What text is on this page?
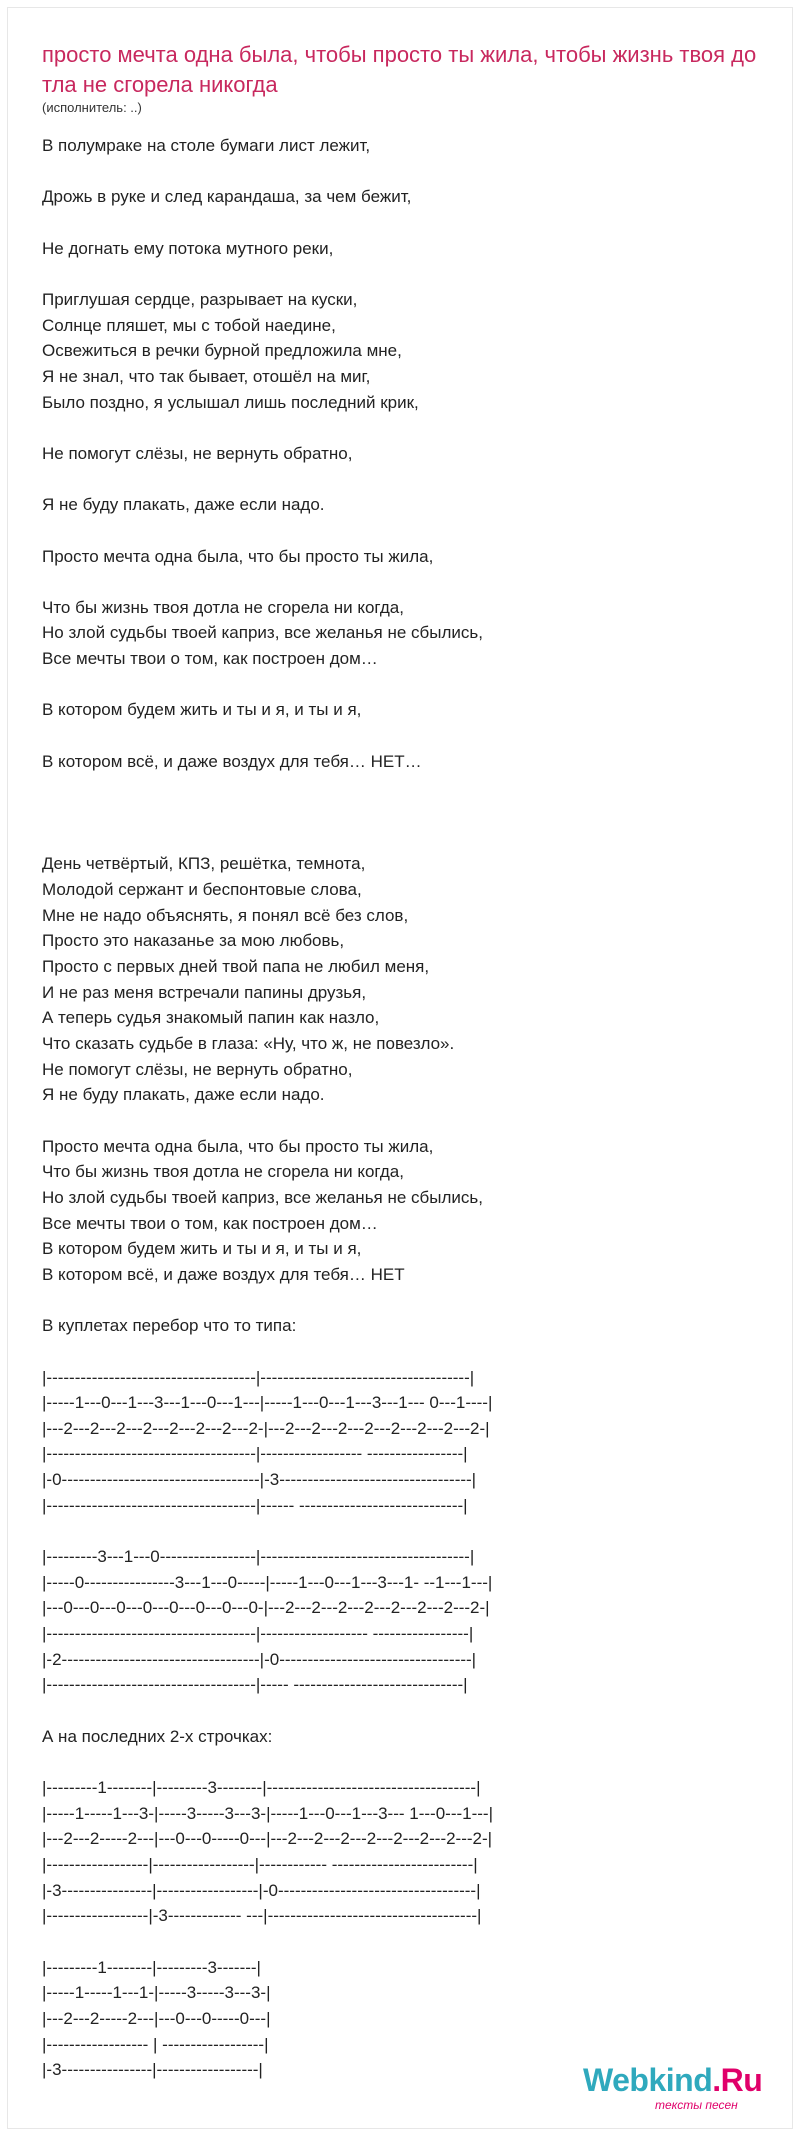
просто мечта одна была, чтобы просто ты жила, чтобы жизнь твоя до тла не сгорела никогда

(исполнитель: ..)

В полумраке на столе бумаги лист лежит,

Дрожь в руке и след карандаша, за чем бежит,

Не догнать ему потока мутного реки,

Приглушая сердце, разрывает на куски,
Солнце пляшет, мы с тобой наедине,
Освежиться в речки бурной предложила мне,
Я не знал, что так бывает, отошёл на миг,
Было поздно, я услышал лишь последний крик,

Не помогут слёзы, не вернуть обратно,

Я не буду плакать, даже если надо.

Просто мечта одна была, что бы просто ты жила,

Что бы жизнь твоя дотла не сгорела ни когда,
Но злой судьбы твоей каприз, все желанья не сбылись,
Все мечты твои о том, как построен дом…

В котором будем жить и ты и я, и ты и я,

В котором всё, и даже воздух для тебя… НЕТ…

День четвёртый, КПЗ, решётка, темнота,
Молодой сержант и беспонтовые слова,
Мне не надо объяснять, я понял всё без слов,
Просто это наказанье за мою любовь,
Просто с первых дней твой папа не любил меня,
И не раз меня встречали папины друзья,
А теперь судья знакомый папин как назло,
Что сказать судьбе в глаза: «Ну, что ж, не повезло».
Не помогут слёзы, не вернуть обратно,
Я не буду плакать, даже если надо.

Просто мечта одна была, что бы просто ты жила,
Что бы жизнь твоя дотла не сгорела ни когда,
Но злой судьбы твоей каприз, все желанья не сбылись,
Все мечты твои о том, как построен дом…
В котором будем жить и ты и я, и ты и я,
В котором всё, и даже воздух для тебя… НЕТ

В куплетах перебор что то типа:

|-------------------------------------|-------------------------------------|
|-----1---0---1---3---1---0---1---|-----1---0---1---3---1--- 0---1----|
|---2---2---2---2---2---2---2---2-|---2---2---2---2---2---2---2---2-|
|-------------------------------------|------------------ -----------------|
|-0-----------------------------------|-3----------------------------------|
|-------------------------------------|------ -----------------------------|

|---------3---1---0-----------------|-------------------------------------|
|-----0----------------3---1---0-----|-----1---0---1---3---1- --1---1---|
|---0---0---0---0---0---0---0---0-|---2---2---2---2---2---2---2---2-|
|-------------------------------------|------------------- -----------------|
|-2-----------------------------------|-0----------------------------------|
|-------------------------------------|----- ------------------------------|

А на последних 2-х строчках:

|---------1--------|---------3--------|-------------------------------------|
|-----1-----1---3-|-----3-----3---3-|-----1---0---1---3--- 1---0---1---|
|---2---2-----2---|---0---0-----0---|---2---2---2---2---2---2---2---2-|
|------------------|------------------|------------ -------------------------|
|-3----------------|------------------|-0-----------------------------------|
|------------------|-3------------- ---|-------------------------------------|

|---------1--------|---------3-------|
|-----1-----1---1-|-----3-----3---3-|
|---2---2-----2---|---0---0-----0---|
|------------------ | ------------------|
|-3----------------|------------------|	Webkind.Ru
тексты песен
